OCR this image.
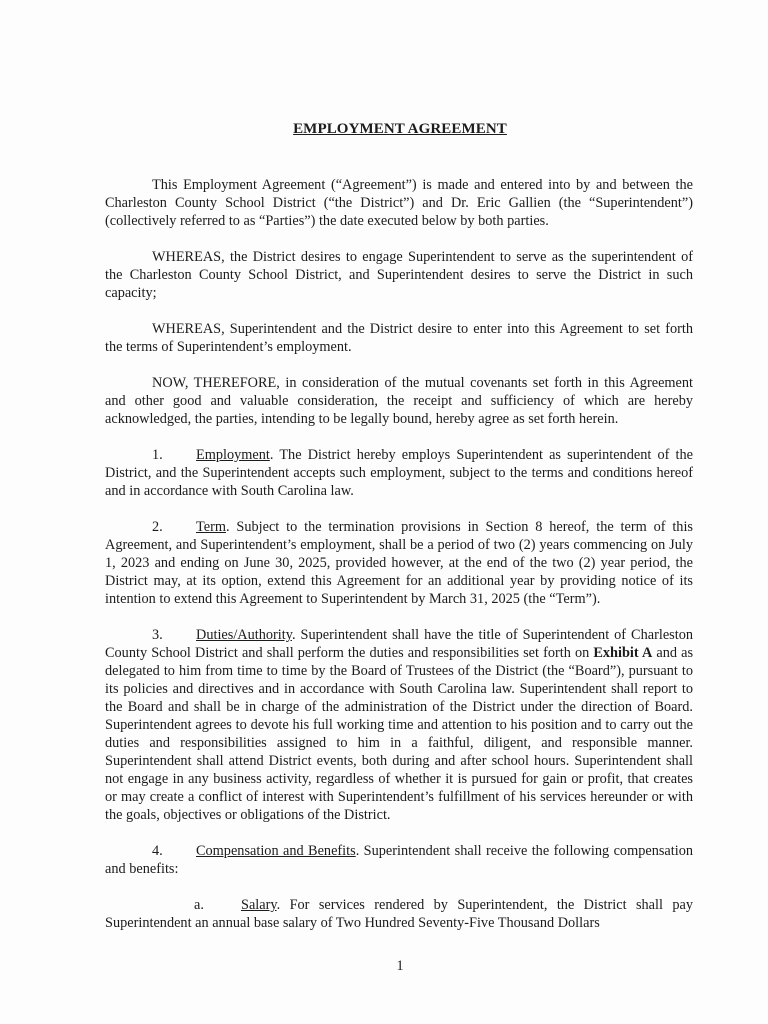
EMPLOYMENT AGREEMENT

This Employment Agreement (“Agreement”) is made and entered into by and between the Charleston County School District (“the District”) and Dr. Eric Gallien (the “Superintendent”) (collectively referred to as “Parties”) the date executed below by both parties.

WHEREAS, the District desires to engage Superintendent to serve as the superintendent of the Charleston County School District, and Superintendent desires to serve the District in such capacity;

WHEREAS, Superintendent and the District desire to enter into this Agreement to set forth the terms of Superintendent’s employment.

NOW, THEREFORE, in consideration of the mutual covenants set forth in this Agreement and other good and valuable consideration, the receipt and sufficiency of which are hereby acknowledged, the parties, intending to be legally bound, hereby agree as set forth herein.

1. Employment. The District hereby employs Superintendent as superintendent of the District, and the Superintendent accepts such employment, subject to the terms and conditions hereof and in accordance with South Carolina law.

2. Term. Subject to the termination provisions in Section 8 hereof, the term of this Agreement, and Superintendent’s employment, shall be a period of two (2) years commencing on July 1, 2023 and ending on June 30, 2025, provided however, at the end of the two (2) year period, the District may, at its option, extend this Agreement for an additional year by providing notice of its intention to extend this Agreement to Superintendent by March 31, 2025 (the “Term”).

3. Duties/Authority. Superintendent shall have the title of Superintendent of Charleston County School District and shall perform the duties and responsibilities set forth on Exhibit A and as delegated to him from time to time by the Board of Trustees of the District (the “Board”), pursuant to its policies and directives and in accordance with South Carolina law. Superintendent shall report to the Board and shall be in charge of the administration of the District under the direction of Board. Superintendent agrees to devote his full working time and attention to his position and to carry out the duties and responsibilities assigned to him in a faithful, diligent, and responsible manner. Superintendent shall attend District events, both during and after school hours. Superintendent shall not engage in any business activity, regardless of whether it is pursued for gain or profit, that creates or may create a conflict of interest with Superintendent’s fulfillment of his services hereunder or with the goals, objectives or obligations of the District.

4. Compensation and Benefits. Superintendent shall receive the following compensation and benefits:

a.	Salary. For services rendered by Superintendent, the District shall pay Superintendent an annual base salary of Two Hundred Seventy-Five Thousand Dollars

1
